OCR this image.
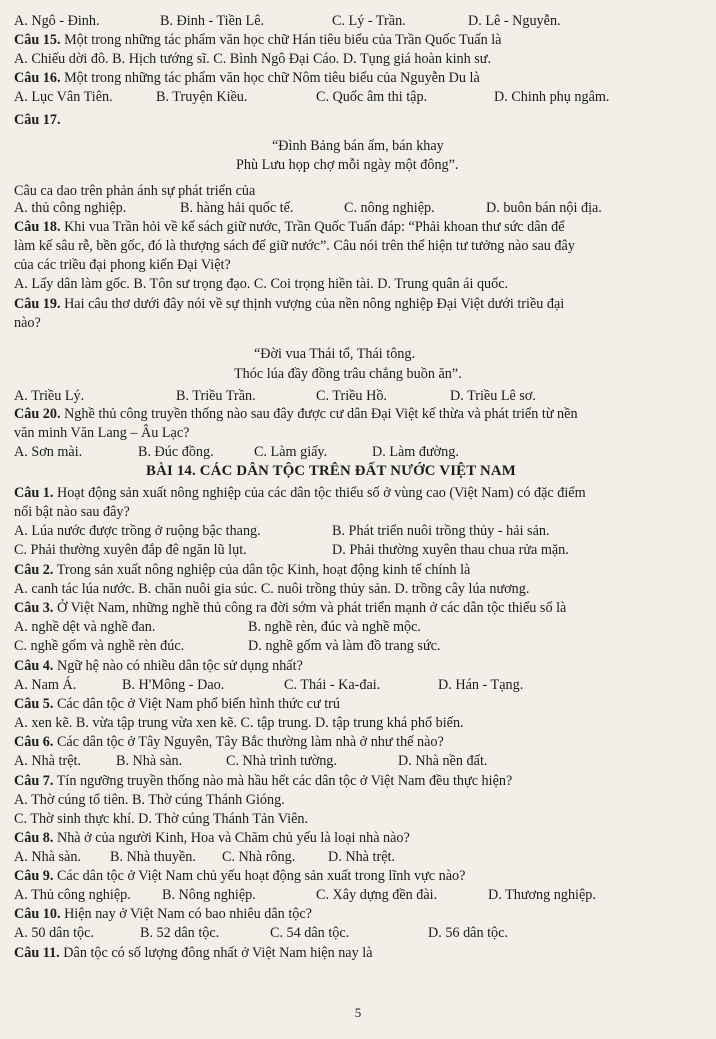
A. Ngô - Đinh.	B. Đinh - Tiền Lê.	C. Lý - Trần.	D. Lê - Nguyễn.
Câu 15. Một trong những tác phẩm văn học chữ Hán tiêu biểu của Trần Quốc Tuấn là
A. Chiếu dời đô. B. Hịch tướng sĩ. C. Bình Ngô Đại Cáo. D. Tụng giá hoàn kinh sư.
Câu 16. Một trong những tác phẩm văn học chữ Nôm tiêu biểu của Nguyễn Du là
A. Lục Vân Tiên.	B. Truyện Kiều.	C. Quốc âm thi tập.	D. Chinh phụ ngâm.
Câu 17.
“Đình Bảng bán ấm, bán khay
Phù Lưu họp chợ mỗi ngày một đông”.
Câu ca dao trên phản ánh sự phát triển của
A. thủ công nghiệp.	B. hàng hải quốc tế.	C. nông nghiệp.	D. buôn bán nội địa.
Câu 18. Khi vua Trần hỏi về kế sách giữ nước, Trần Quốc Tuấn đáp: “Phải khoan thư sức dân để
làm kế sâu rễ, bền gốc, đó là thượng sách để giữ nước”. Câu nói trên thể hiện tư tưởng nào sau đây
của các triều đại phong kiến Đại Việt?
A. Lấy dân làm gốc. B. Tôn sư trọng đạo. C. Coi trọng hiền tài. D. Trung quân ái quốc.
Câu 19. Hai câu thơ dưới đây nói về sự thịnh vượng của nền nông nghiệp Đại Việt dưới triều đại
nào?
“Đời vua Thái tổ, Thái tông.
Thóc lúa đầy đồng trâu chẳng buồn ăn”.
A. Triều Lý.	B. Triều Trần.	C. Triều Hồ.	D. Triều Lê sơ.
Câu 20. Nghề thủ công truyền thống nào sau đây được cư dân Đại Việt kế thừa và phát triển từ nền
văn minh Văn Lang – Âu Lạc?
A. Sơn mài.	B. Đúc đồng.	C. Làm giấy.	D. Làm đường.
BÀI 14. CÁC DÂN TỘC TRÊN ĐẤT NƯỚC VIỆT NAM
Câu 1. Hoạt động sản xuất nông nghiệp của các dân tộc thiểu số ở vùng cao (Việt Nam) có đặc điểm
nổi bật nào sau đây?
A. Lúa nước được trồng ở ruộng bậc thang.	B. Phát triển nuôi trồng thủy - hải sản.
C. Phải thường xuyên đắp đê ngăn lũ lụt.	D. Phải thường xuyên thau chua rửa mặn.
Câu 2. Trong sản xuất nông nghiệp của dân tộc Kinh, hoạt động kinh tế chính là
A. canh tác lúa nước. B. chăn nuôi gia súc. C. nuôi trồng thủy sản. D. trồng cây lúa nương.
Câu 3. Ở Việt Nam, những nghề thủ công ra đời sớm và phát triển mạnh ở các dân tộc thiểu số là
A. nghề dệt và nghề đan.	B. nghề rèn, đúc và nghề mộc.
C. nghề gốm và nghề rèn đúc.	D. nghề gốm và làm đồ trang sức.
Câu 4. Ngữ hệ nào có nhiều dân tộc sử dụng nhất?
A. Nam Á.	B. H'Mông - Dao.	C. Thái - Ka-đai.	D. Hán - Tạng.
Câu 5. Các dân tộc ở Việt Nam phổ biến hình thức cư trú
A. xen kẽ. B. vừa tập trung vừa xen kẽ. C. tập trung. D. tập trung khá phổ biến.
Câu 6. Các dân tộc ở Tây Nguyên, Tây Bắc thường làm nhà ở như thế nào?
A. Nhà trệt. B. Nhà sàn.	C. Nhà trình tường.	D. Nhà nền đất.
Câu 7. Tín ngưỡng truyền thống nào mà hầu hết các dân tộc ở Việt Nam đều thực hiện?
A. Thờ cúng tổ tiên. B. Thờ cúng Thánh Gióng.
C. Thờ sinh thực khí. D. Thờ cúng Thánh Tản Viên.
Câu 8. Nhà ở của người Kinh, Hoa và Chăm chủ yếu là loại nhà nào?
A. Nhà sàn. B. Nhà thuyền. C. Nhà rông. D. Nhà trệt.
Câu 9. Các dân tộc ở Việt Nam chủ yếu hoạt động sản xuất trong lĩnh vực nào?
A. Thủ công nghiệp. B. Nông nghiệp.	C. Xây dựng đền đài.	D. Thương nghiệp.
Câu 10. Hiện nay ở Việt Nam có bao nhiêu dân tộc?
A. 50 dân tộc.	B. 52 dân tộc.	C. 54 dân tộc.	D. 56 dân tộc.
Câu 11. Dân tộc có số lượng đông nhất ở Việt Nam hiện nay là
5
